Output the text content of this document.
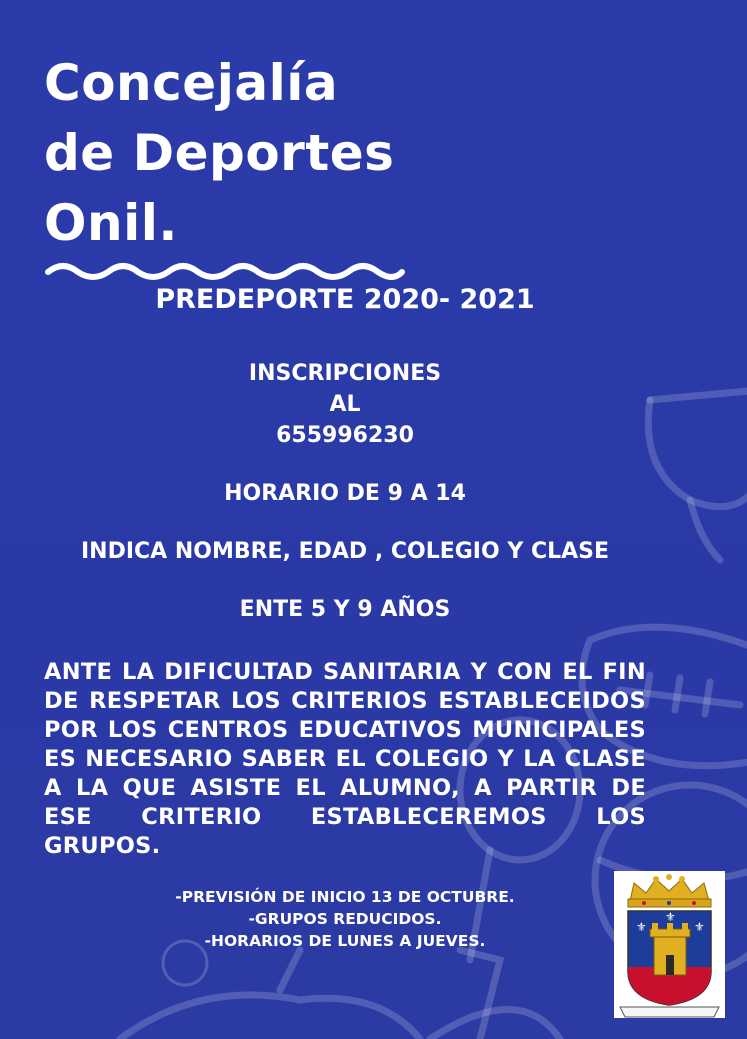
Concejalía
de Deportes
Onil.
PREDEPORTE 2020- 2021

INSCRIPCIONES
AL
655996230

HORARIO DE 9 A 14

INDICA NOMBRE, EDAD , COLEGIO Y CLASE

ENTE 5 Y 9 AÑOS

ANTE LA DIFICULTAD SANITARIA Y CON EL FIN DE RESPETAR LOS CRITERIOS ESTABLECEIDOS POR LOS CENTROS EDUCATIVOS MUNICIPALES ES NECESARIO SABER EL COLEGIO Y LA CLASE A LA QUE ASISTE EL ALUMNO, A PARTIR DE ESE CRITERIO ESTABLECEREMOS LOS GRUPOS.

-PREVISIÓN DE INICIO 13 DE OCTUBRE.
-GRUPOS REDUCIDOS.
-HORARIOS DE LUNES A JUEVES.

⚜	⚜
⚜
